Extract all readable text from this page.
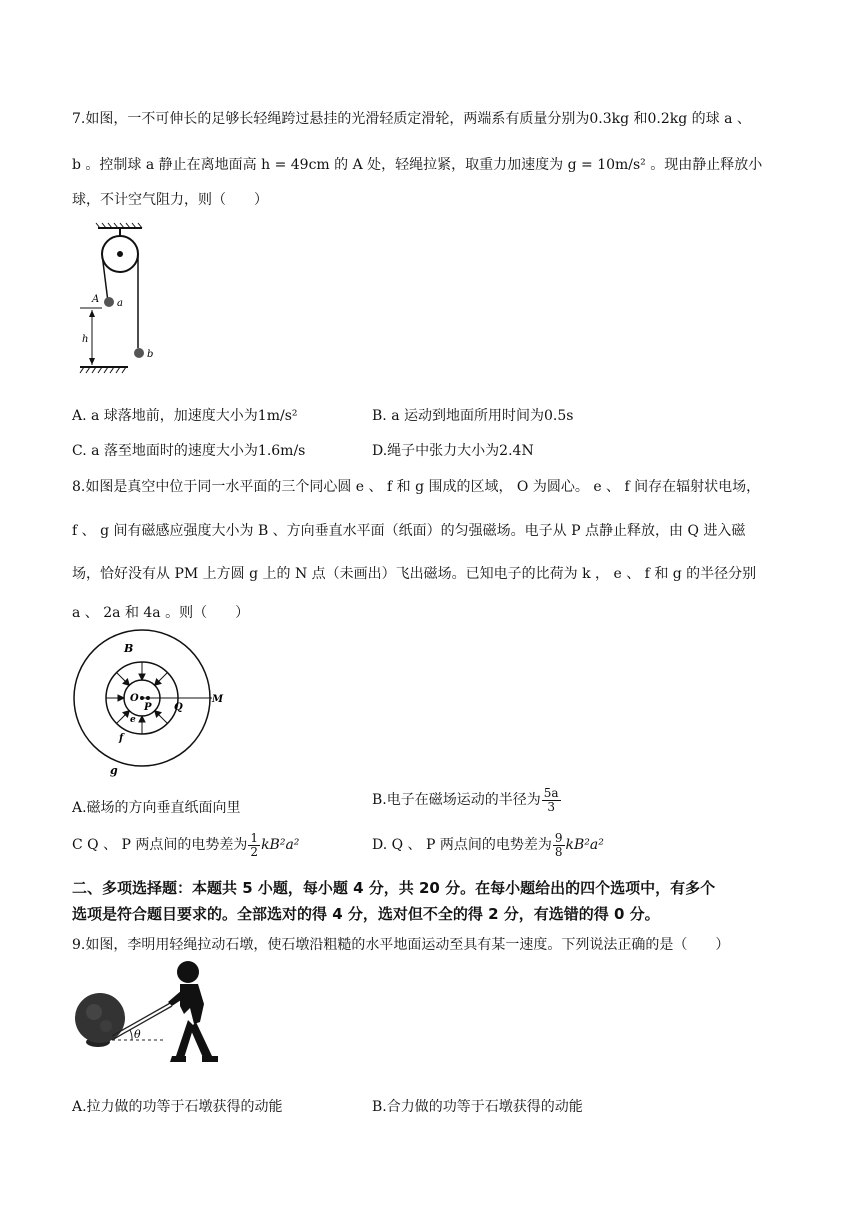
7.如图，一不可伸长的足够长轻绳跨过悬挂的光滑轻质定滑轮，两端系有质量分别为0.3kg 和0.2kg 的球 a 、
b 。控制球 a 静止在离地面高 h = 49cm 的 A 处，轻绳拉紧，取重力加速度为 g = 10m/s² 。现由静止释放小
球，不计空气阻力，则（　　）
A a
h
b
A. a 球落地前，加速度大小为1m/s²	B. a 运动到地面所用时间为0.5s
C. a 落至地面时的速度大小为1.6m/s	D.绳子中张力大小为2.4N
8.如图是真空中位于同一水平面的三个同心圆 e 、 f 和 g 围成的区域， O 为圆心。 e 、 f 间存在辐射状电场，
f 、 g 间有磁感应强度大小为 B 、方向垂直水平面（纸面）的匀强磁场。电子从 P 点静止释放，由 Q 进入磁
场，恰好没有从 PM 上方圆 g 上的 N 点（未画出）飞出磁场。已知电子的比荷为 k ， e 、 f 和 g 的半径分别
a 、 2a 和 4a 。则（　　）
B
O
P Q
M
e
f
g
A.磁场的方向垂直纸面向里	B.电子在磁场运动的半径为 $\frac{5a}{3}$
C Q 、 P 两点间的电势差为 $\frac{1}{2} kB^2a^2$	D. Q 、 P 两点间的电势差为 $\frac{9}{8} kB^2a^2$
二、多项选择题：本题共 5 小题，每小题 4 分，共 20 分。在每小题给出的四个选项中，有多个
选项是符合题目要求的。全部选对的得 4 分，选对但不全的得 2 分，有选错的得 0 分。
9.如图，李明用轻绳拉动石墩，使石墩沿粗糙的水平地面运动至具有某一速度。下列说法正确的是（　　）
θ
A.拉力做的功等于石墩获得的动能	B.合力做的功等于石墩获得的动能
